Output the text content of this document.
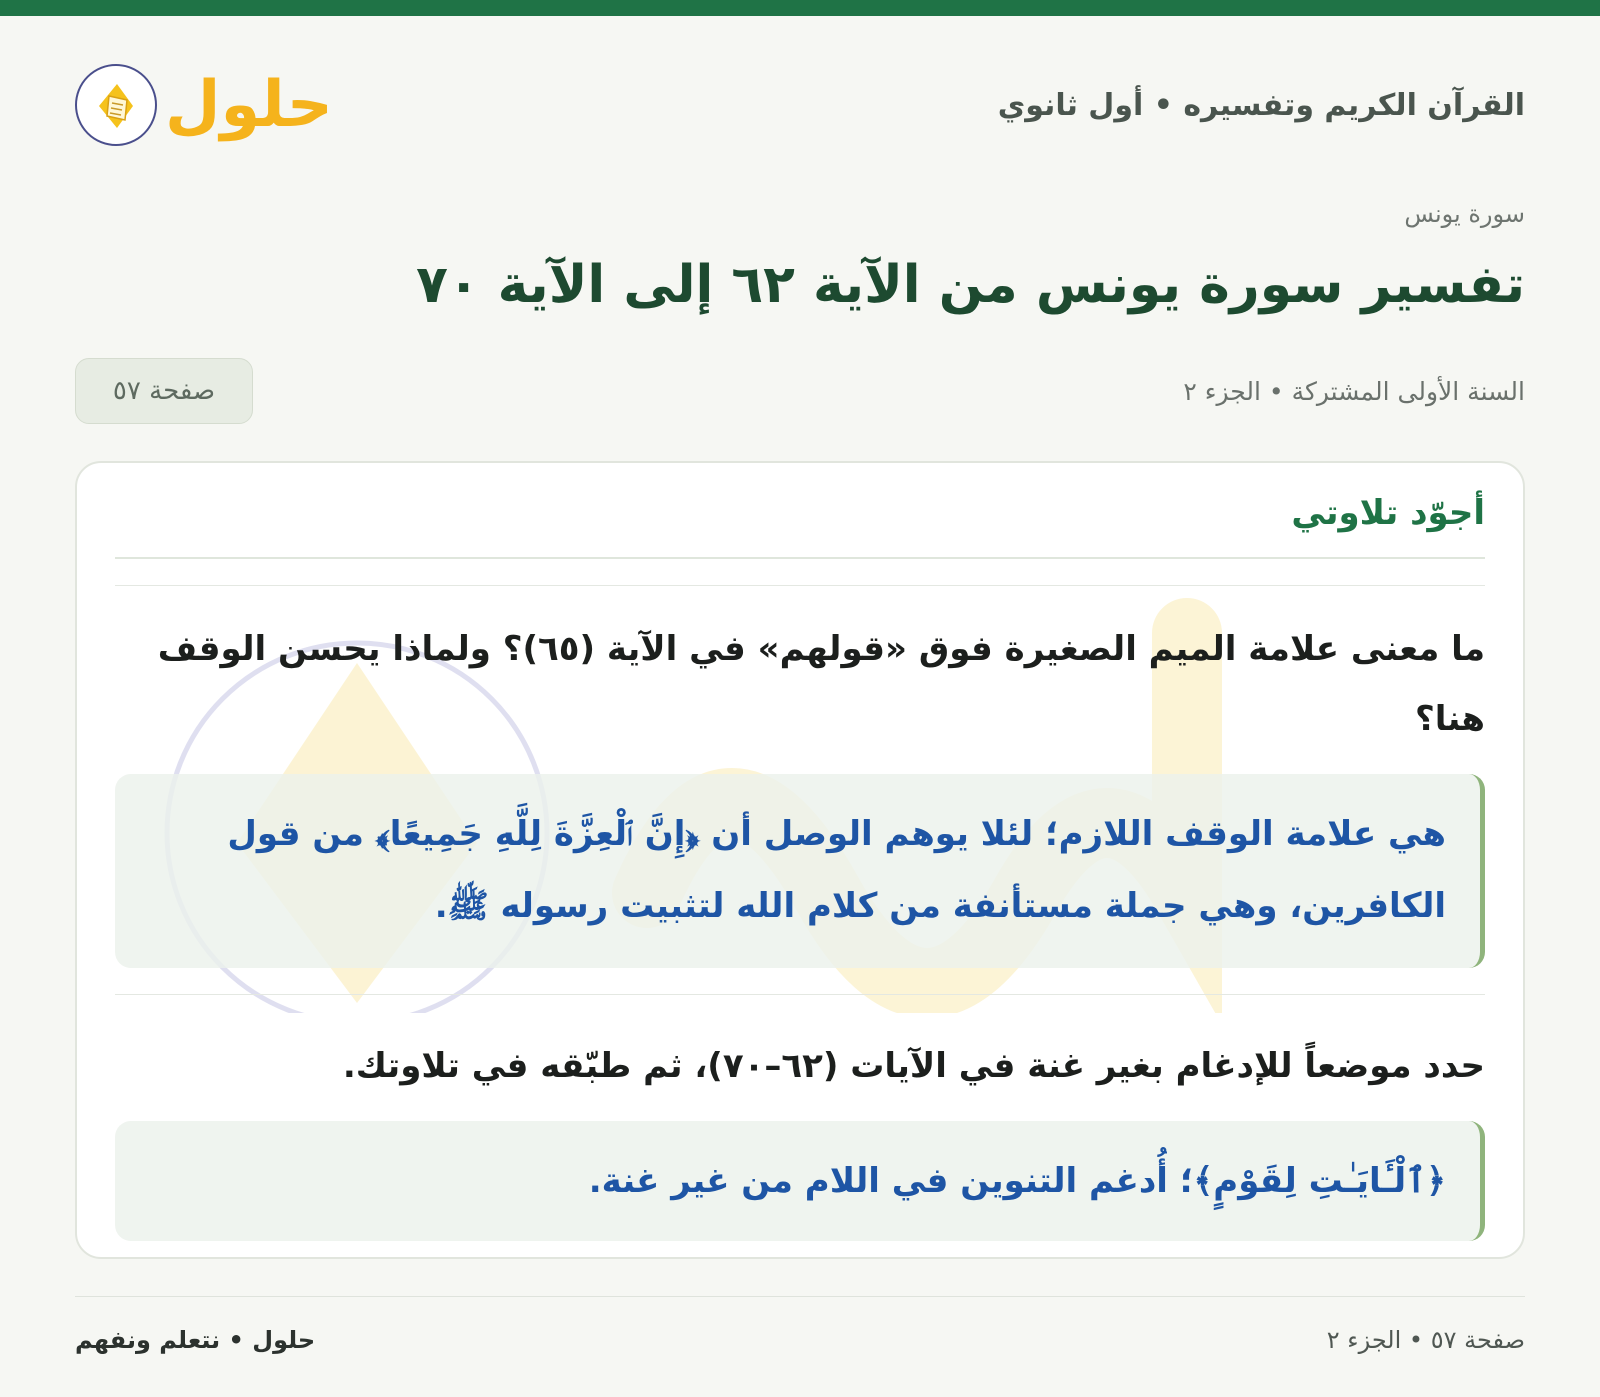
القرآن الكريم وتفسيره • أول ثانوي
حلول
سورة يونس
تفسير سورة يونس من الآية ٦٢ إلى الآية ٧٠
السنة الأولى المشتركة • الجزء ٢
صفحة ٥٧
أجوّد تلاوتي
ما معنى علامة الميم الصغيرة فوق «قولهم» في الآية (٦٥)؟ ولماذا يحسن الوقف هنا؟
هي علامة الوقف اللازم؛ لئلا يوهم الوصل أن ﴿إِنَّ ٱلْعِزَّةَ لِلَّهِ جَمِيعًا﴾ من قول الكافرين، وهي جملة مستأنفة من كلام الله لتثبيت رسوله ﷺ.
حدد موضعاً للإدغام بغير غنة في الآيات (٦٢–٧٠)، ثم طبّقه في تلاوتك.
﴿ٱلْـَٔايَـٰتِ لِقَوْمٍ﴾؛ أُدغم التنوين في اللام من غير غنة.
صفحة ٥٧ • الجزء ٢
حلول • نتعلم ونفهم
